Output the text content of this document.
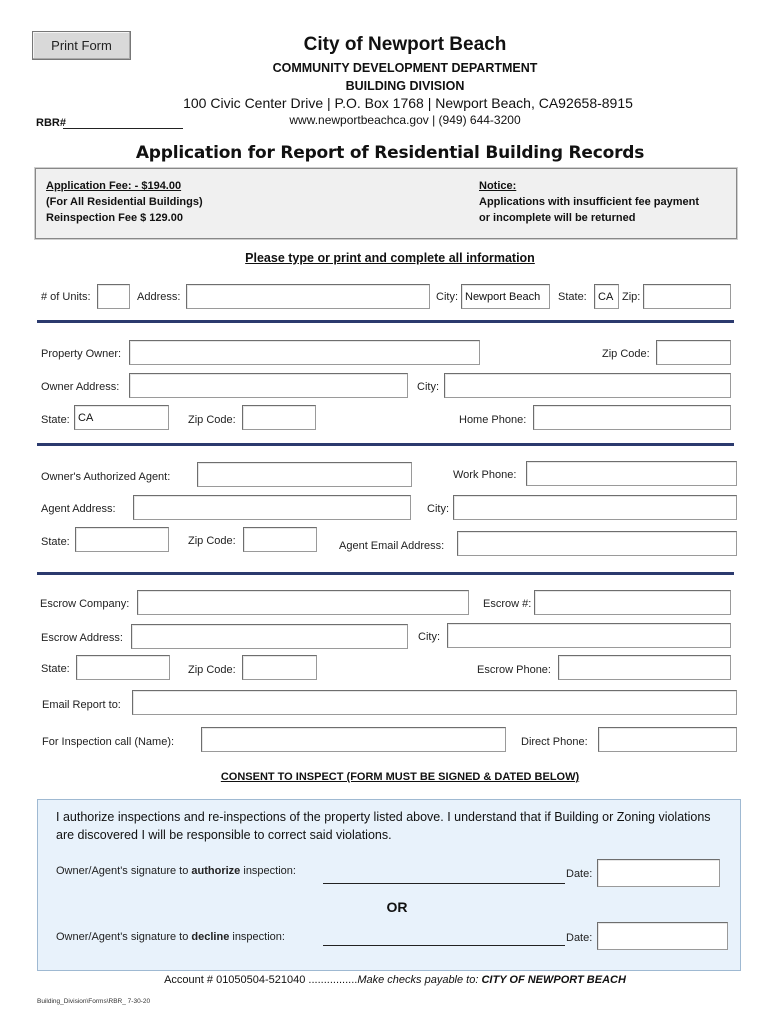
Print Form	City of Newport Beach
COMMUNITY DEVELOPMENT DEPARTMENT
BUILDING DIVISION
100 Civic Center Drive | P.O. Box 1768 | Newport Beach, CA92658-8915
www.newportbeachca.gov | (949) 644-3200
RBR#
Application for Report of Residential Building Records
Application Fee: - $194.00
(For All Residential Buildings)
Reinspection Fee $ 129.00
Notice:
Applications with insufficient fee payment
or incomplete will be returned
Please type or print and complete all information
# of Units:	Address:	City: Newport Beach	State:	CA Zip:
Property Owner:	Zip Code:
Owner Address:	City:
State: CA	Zip Code:	Home Phone:
Owner's Authorized Agent:	Work Phone:
Agent Address:	City:
State:	Zip Code:	Agent Email Address:
Escrow Company:	Escrow #:
Escrow Address:	City:
State:	Zip Code:	Escrow Phone:
Email Report to:
For Inspection call (Name):	Direct Phone:
CONSENT TO INSPECT (FORM MUST BE SIGNED & DATED BELOW)
I authorize inspections and re-inspections of the property listed above. I understand that if Building or Zoning violations are discovered I will be responsible to correct said violations.
Owner/Agent's signature to authorize inspection:	Date:
OR
Owner/Agent's signature to decline inspection:	Date:
Account # 01050504-521040 ................Make checks payable to: CITY OF NEWPORT BEACH
Building_Division\Forms\RBR_ 7-30-20
